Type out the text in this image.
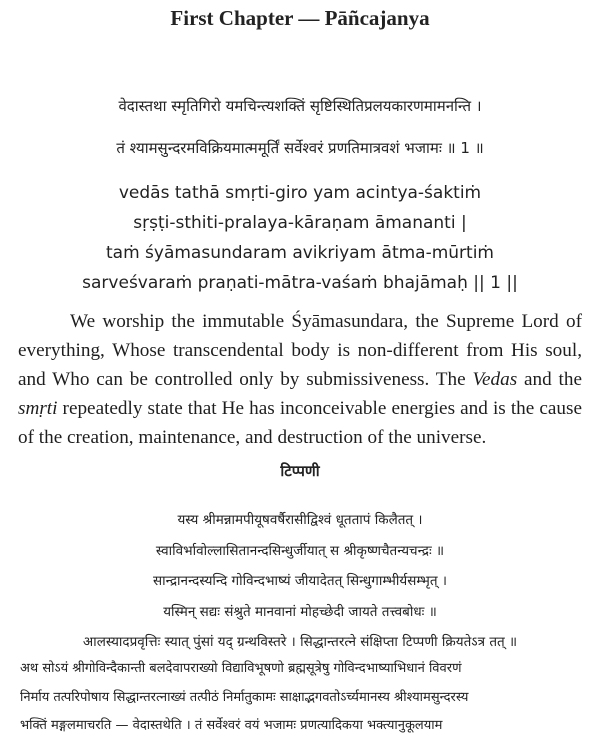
First Chapter — Pāñcajanya
वेदास्तथा स्मृतिगिरो यमचिन्त्यशक्तिं सृष्टिस्थितिप्रलयकारणमामनन्ति ।
तं श्यामसुन्दरमविक्रियमात्ममूर्तिं सर्वेश्वरं प्रणतिमात्रवशं भजामः ॥ 1 ॥
vedās tathā smṛti-giro yam acintya-śaktiṁ
sṛṣṭi-sthiti-pralaya-kāraṇam āmananti |
taṁ śyāmasundaram avikriyam ātma-mūrtiṁ
sarveśvaraṁ praṇati-mātra-vaśaṁ bhajāmaḥ || 1 ||
We worship the immutable Śyāmasundara, the Supreme Lord of
everything, Whose transcendental body is non-different from His soul,
and Who can be controlled only by submissiveness. The Vedas and the
smṛti repeatedly state that He has inconceivable energies and is the cause
of the creation, maintenance, and destruction of the universe.
टिप्पणी
यस्य श्रीमन्नामपीयूषवर्षैरासीद्विश्वं धूततापं किलैतत् ।
स्वाविर्भावोल्लासितानन्दसिन्धुर्जीयात् स श्रीकृष्णचैतन्यचन्द्रः ॥
सान्द्रानन्दस्यन्दि गोविन्दभाष्यं जीयादेतत् सिन्धुगाम्भीर्यसम्भृत् ।
यस्मिन् सद्यः संश्रुते मानवानां मोहच्छेदी जायते तत्त्वबोधः ॥
आलस्यादप्रवृत्तिः स्यात् पुंसां यद् ग्रन्थविस्तरे । सिद्धान्तरत्ने संक्षिप्ता टिप्पणी क्रियतेऽत्र तत् ॥
अथ सोऽयं श्रीगोविन्दैकान्ती बलदेवापराख्यो विद्याविभूषणो ब्रह्मसूत्रेषु गोविन्दभाष्याभिधानं विवरणं
निर्माय तत्परिपोषाय सिद्धान्तरत्नाख्यं तत्पीठं निर्मातुकामः साक्षाद्भगवतोऽर्च्यमानस्य श्रीश्यामसुन्दरस्य
भक्तिं मङ्गलमाचरति — वेदास्तथेति । तं सर्वेश्वरं वयं भजामः प्रणत्यादिकया भक्त्यानुकूलयाम
